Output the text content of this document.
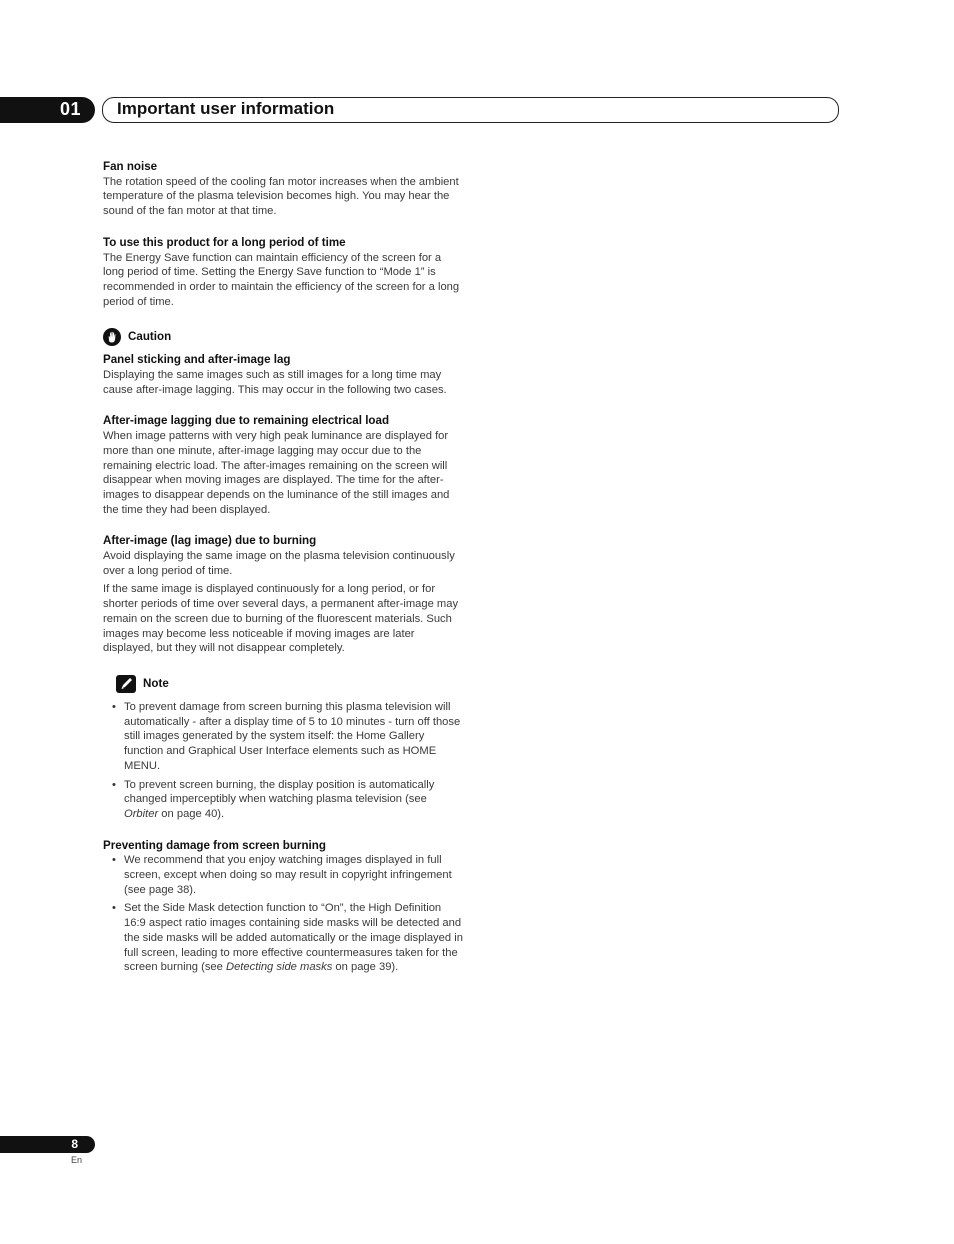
01 Important user information

Fan noise

The rotation speed of the cooling fan motor increases when the ambient temperature of the plasma television becomes high. You may hear the sound of the fan motor at that time.

To use this product for a long period of time

The Energy Save function can maintain efficiency of the screen for a long period of time. Setting the Energy Save function to “Mode 1” is recommended in order to maintain the efficiency of the screen for a long period of time.

Caution

Panel sticking and after-image lag

Displaying the same images such as still images for a long time may cause after-image lagging. This may occur in the following two cases.

After-image lagging due to remaining electrical load

When image patterns with very high peak luminance are displayed for more than one minute, after-image lagging may occur due to the remaining electric load. The after-images remaining on the screen will disappear when moving images are displayed. The time for the after-images to disappear depends on the luminance of the still images and the time they had been displayed.

After-image (lag image) due to burning

Avoid displaying the same image on the plasma television continuously over a long period of time.

If the same image is displayed continuously for a long period, or for shorter periods of time over several days, a permanent after-image may remain on the screen due to burning of the fluorescent materials. Such images may become less noticeable if moving images are later displayed, but they will not disappear completely.

Note
• To prevent damage from screen burning this plasma television will automatically - after a display time of 5 to 10 minutes - turn off those still images generated by the system itself: the Home Gallery function and Graphical User Interface elements such as HOME MENU.
• To prevent screen burning, the display position is automatically changed imperceptibly when watching plasma television (see Orbiter on page 40).

Preventing damage from screen burning

• We recommend that you enjoy watching images displayed in full screen, except when doing so may result in copyright infringement (see page 38).
• Set the Side Mask detection function to “On”, the High Definition 16:9 aspect ratio images containing side masks will be detected and the side masks will be added automatically or the image displayed in full screen, leading to more effective countermeasures taken for the screen burning (see Detecting side masks on page 39).
8
En
